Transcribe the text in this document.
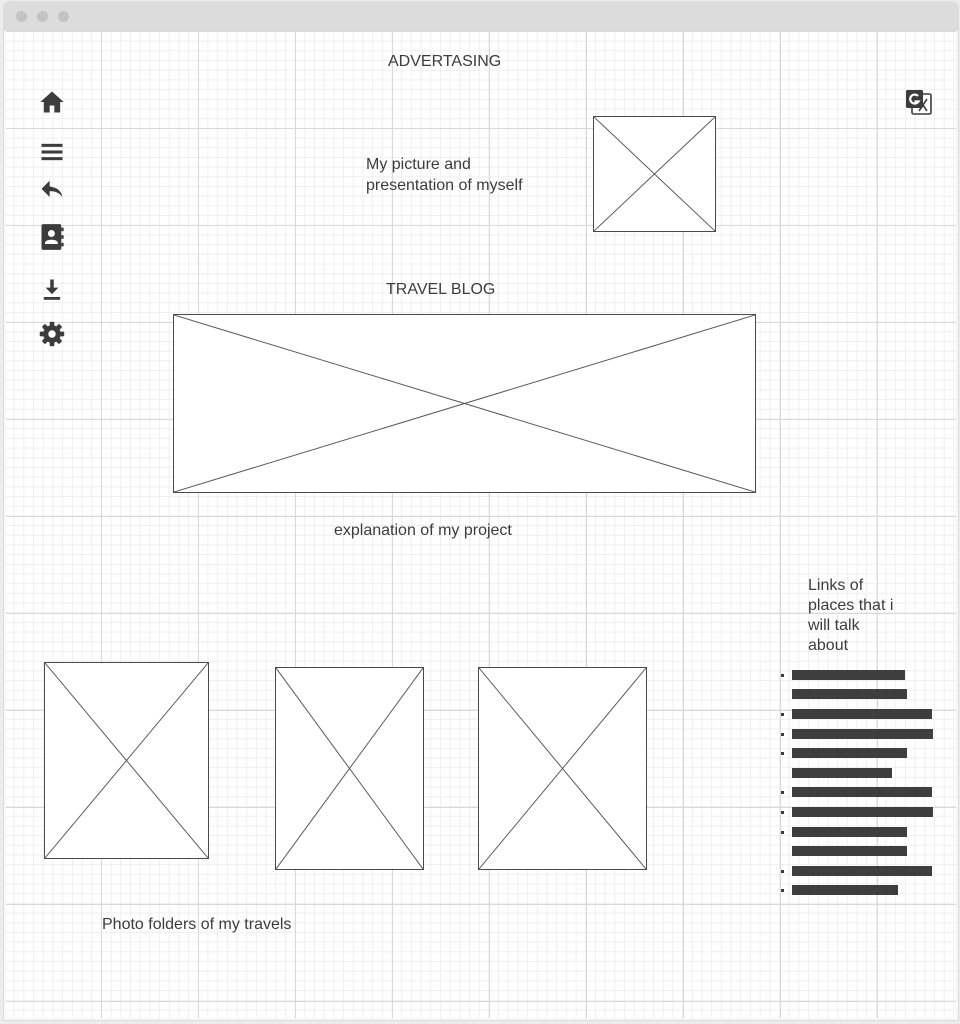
ADVERTASING
My picture and
presentation of myself
TRAVEL BLOG
explanation of my project
Links of
places that i
will talk
about
Photo folders of my travels
